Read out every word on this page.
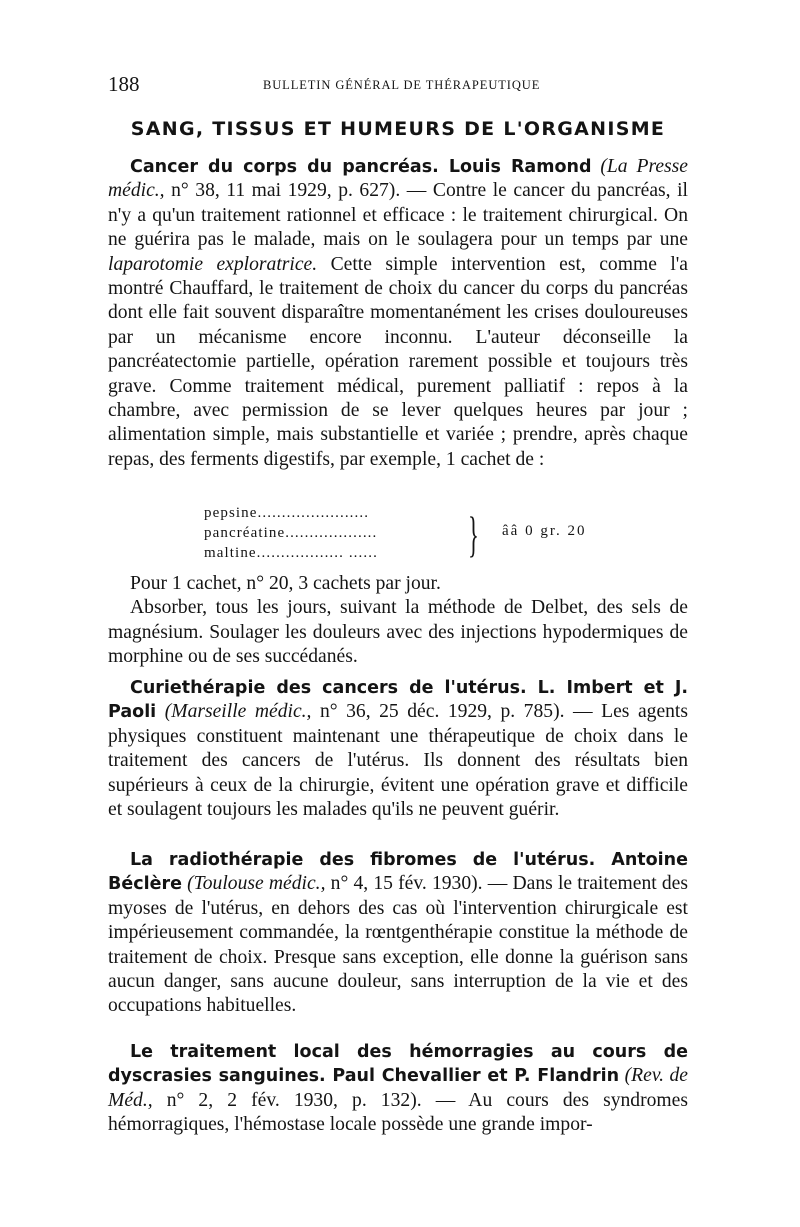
188	BULLETIN GÉNÉRAL DE THÉRAPEUTIQUE
SANG, TISSUS ET HUMEURS DE L'ORGANISME

Cancer du corps du pancréas. Louis Ramond (La Presse médic., n° 38, 11 mai 1929, p. 627). — Contre le cancer du pancréas, il n'y a qu'un traitement rationnel et efficace : le traitement chirurgical. On ne guérira pas le malade, mais on le soulagera pour un temps par une laparotomie exploratrice. Cette simple intervention est, comme l'a montré Chauffard, le traitement de choix du cancer du corps du pancréas dont elle fait souvent disparaître momentanément les crises douloureuses par un mécanisme encore inconnu. L'auteur déconseille la pancréatectomie partielle, opération rarement possible et toujours très grave. Comme traitement médical, purement palliatif : repos à la chambre, avec permission de se lever quelques heures par jour ; alimentation simple, mais substantielle et variée ; prendre, après chaque repas, des ferments digestifs, par exemple, 1 cachet de :

pepsine.......................
pancréatine...................
maltine.................. ...... } ââ 0 gr. 20

Pour 1 cachet, n° 20, 3 cachets par jour.

Absorber, tous les jours, suivant la méthode de Delbet, des sels de magnésium. Soulager les douleurs avec des injections hypodermiques de morphine ou de ses succédanés.

Curiethérapie des cancers de l'utérus. L. Imbert et J. Paoli (Marseille médic., n° 36, 25 déc. 1929, p. 785). — Les agents physiques constituent maintenant une thérapeutique de choix dans le traitement des cancers de l'utérus. Ils donnent des résultats bien supérieurs à ceux de la chirurgie, évitent une opération grave et difficile et soulagent toujours les malades qu'ils ne peuvent guérir.

La radiothérapie des fibromes de l'utérus. Antoine Béclère (Toulouse médic., n° 4, 15 fév. 1930). — Dans le traitement des myoses de l'utérus, en dehors des cas où l'intervention chirurgicale est impérieusement commandée, la rœntgenthérapie constitue la méthode de traitement de choix. Presque sans exception, elle donne la guérison sans aucun danger, sans aucune douleur, sans interruption de la vie et des occupations habituelles.

Le traitement local des hémorragies au cours de dyscrasies sanguines. Paul Chevallier et P. Flandrin (Rev. de Méd., n° 2, 2 fév. 1930, p. 132). — Au cours des syndromes hémorragiques, l'hémostase locale possède une grande impor-
